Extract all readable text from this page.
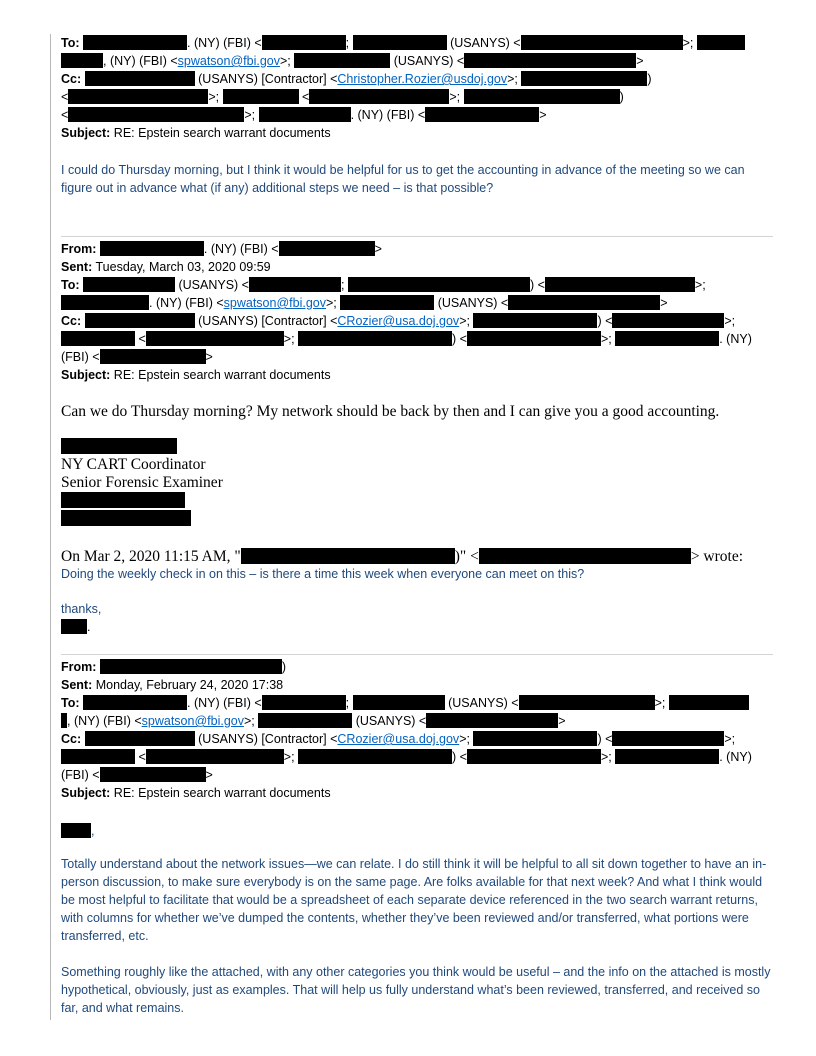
To:	. (NY) (FBI) <	;	(USANYS) <	>;
, (NY) (FBI) <spwatson@fbi.gov>;	(USANYS) <	>
Cc:	(USANYS) [Contractor] <Christopher.Rozier@usdoj.gov>;	)
<	>;	<	>;	)
<	>;	. (NY) (FBI) <	>
Subject: RE: Epstein search warrant documents
I could do Thursday morning, but I think it would be helpful for us to get the accounting in advance of the meeting so we can figure out in advance what (if any) additional steps we need – is that possible?
From:	. (NY) (FBI) <	>
Sent: Tuesday, March 03, 2020 09:59
To:	(USANYS) <	;	) <	>;
. (NY) (FBI) <spwatson@fbi.gov>;	(USANYS) <	>
Cc:	(USANYS) [Contractor] <CRozier@usa.doj.gov>;	) <	>;
<	>;	) <	>;	. (NY)
(FBI) <	>
Subject: RE: Epstein search warrant documents
Can we do Thursday morning? My network should be back by then and I can give you a good accounting.
NY CART Coordinator
Senior Forensic Examiner
On Mar 2, 2020 11:15 AM, "	)" <	> wrote:
Doing the weekly check in on this – is there a time this week when everyone can meet on this?
thanks,
.
From:	)
Sent: Monday, February 24, 2020 17:38
To:	. (NY) (FBI) <	;	(USANYS) <	>;
, (NY) (FBI) <spwatson@fbi.gov>;	(USANYS) <	>
Cc:	(USANYS) [Contractor] <CRozier@usa.doj.gov>;	) <	>;
<	>;	) <	>;	. (NY)
(FBI) <	>
Subject: RE: Epstein search warrant documents
,
Totally understand about the network issues—we can relate. I do still think it will be helpful to all sit down together to have an in-person discussion, to make sure everybody is on the same page. Are folks available for that next week? And what I think would be most helpful to facilitate that would be a spreadsheet of each separate device referenced in the two search warrant returns, with columns for whether we’ve dumped the contents, whether they’ve been reviewed and/or transferred, what portions were transferred, etc.
Something roughly like the attached, with any other categories you think would be useful – and the info on the attached is mostly hypothetical, obviously, just as examples. That will help us fully understand what’s been reviewed, transferred, and received so far, and what remains.
